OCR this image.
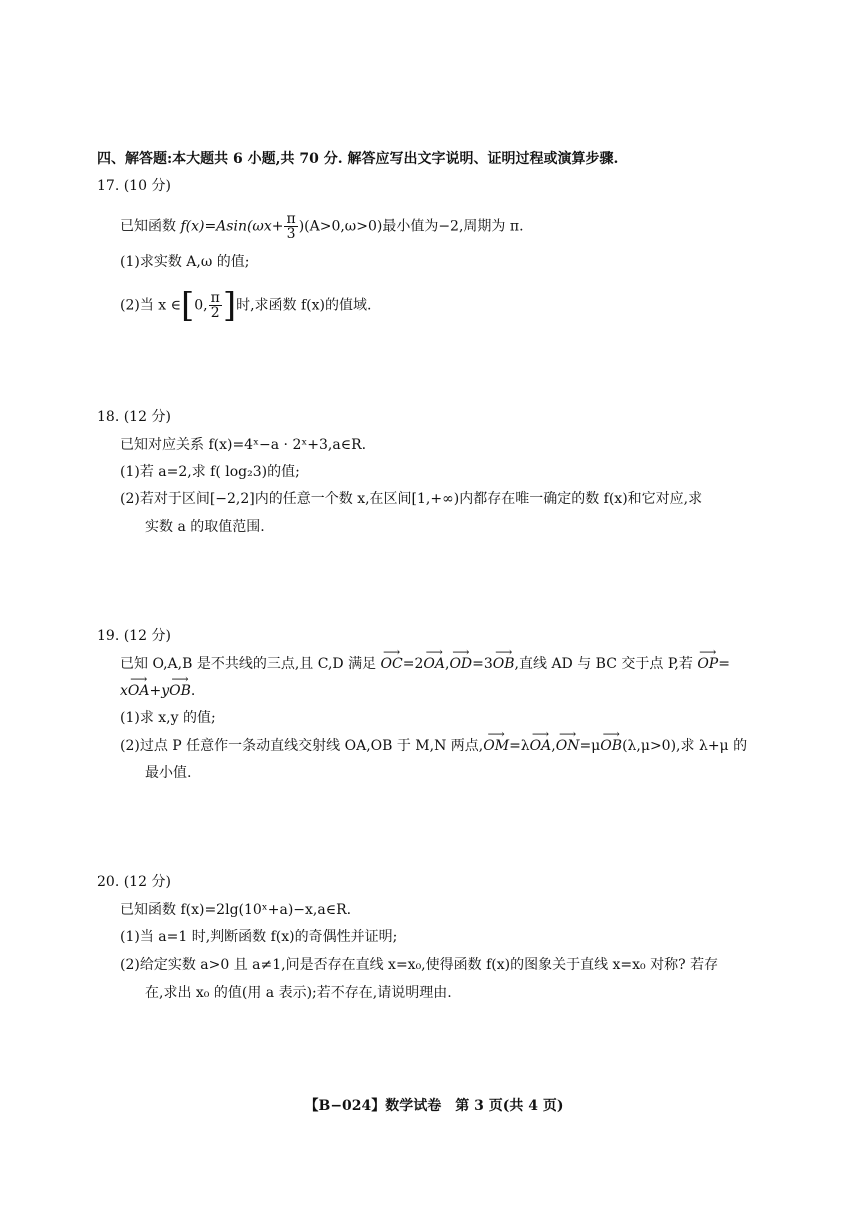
四、解答题:本大题共 6 小题,共 70 分. 解答应写出文字说明、证明过程或演算步骤.
17. (10 分)
已知函数 $f(x)=Asin(\omega x+ \frac{\pi}{3} )(A>0,\omega>0)$最小值为−2,周期为 π.
(1)求实数 A,ω 的值;
(2)当 x ∈[0, $\frac{\pi}{2}$ ]时,求函数 f(x)的值域.
18. (12 分)
已知对应关系 f(x)=4ˣ−a · 2ˣ+3,a∈R.
(1)若 a=2,求 f( log₂3)的值;
(2)若对于区间[−2,2]内的任意一个数 x,在区间[1,+∞)内都存在唯一确定的数 f(x)和它对应,求
实数 a 的取值范围.
19. (12 分)
已知 O,A,B 是不共线的三点,且 C,D 满足 ⟶ OC=2⟶ OA,⟶ OD=3⟶ OB,直线 AD 与 BC 交于点 P,若 ⟶ OP=
x⟶ OA+y⟶ OB.
(1)求 x,y 的值;
(2)过点 P 任意作一条动直线交射线 OA,OB 于 M,N 两点,⟶ OM=λ⟶ OA,⟶ ON=μ⟶ OB(λ,μ>0),求 λ+μ 的
最小值.
20. (12 分)
已知函数 f(x)=2lg(10ˣ+a)−x,a∈R.
(1)当 a=1 时,判断函数 f(x)的奇偶性并证明;
(2)给定实数 a>0 且 a≠1,问是否存在直线 x=x₀,使得函数 f(x)的图象关于直线 x=x₀ 对称? 若存
在,求出 x₀ 的值(用 a 表示);若不存在,请说明理由.
【B−024】数学试卷　第 3 页(共 4 页)
